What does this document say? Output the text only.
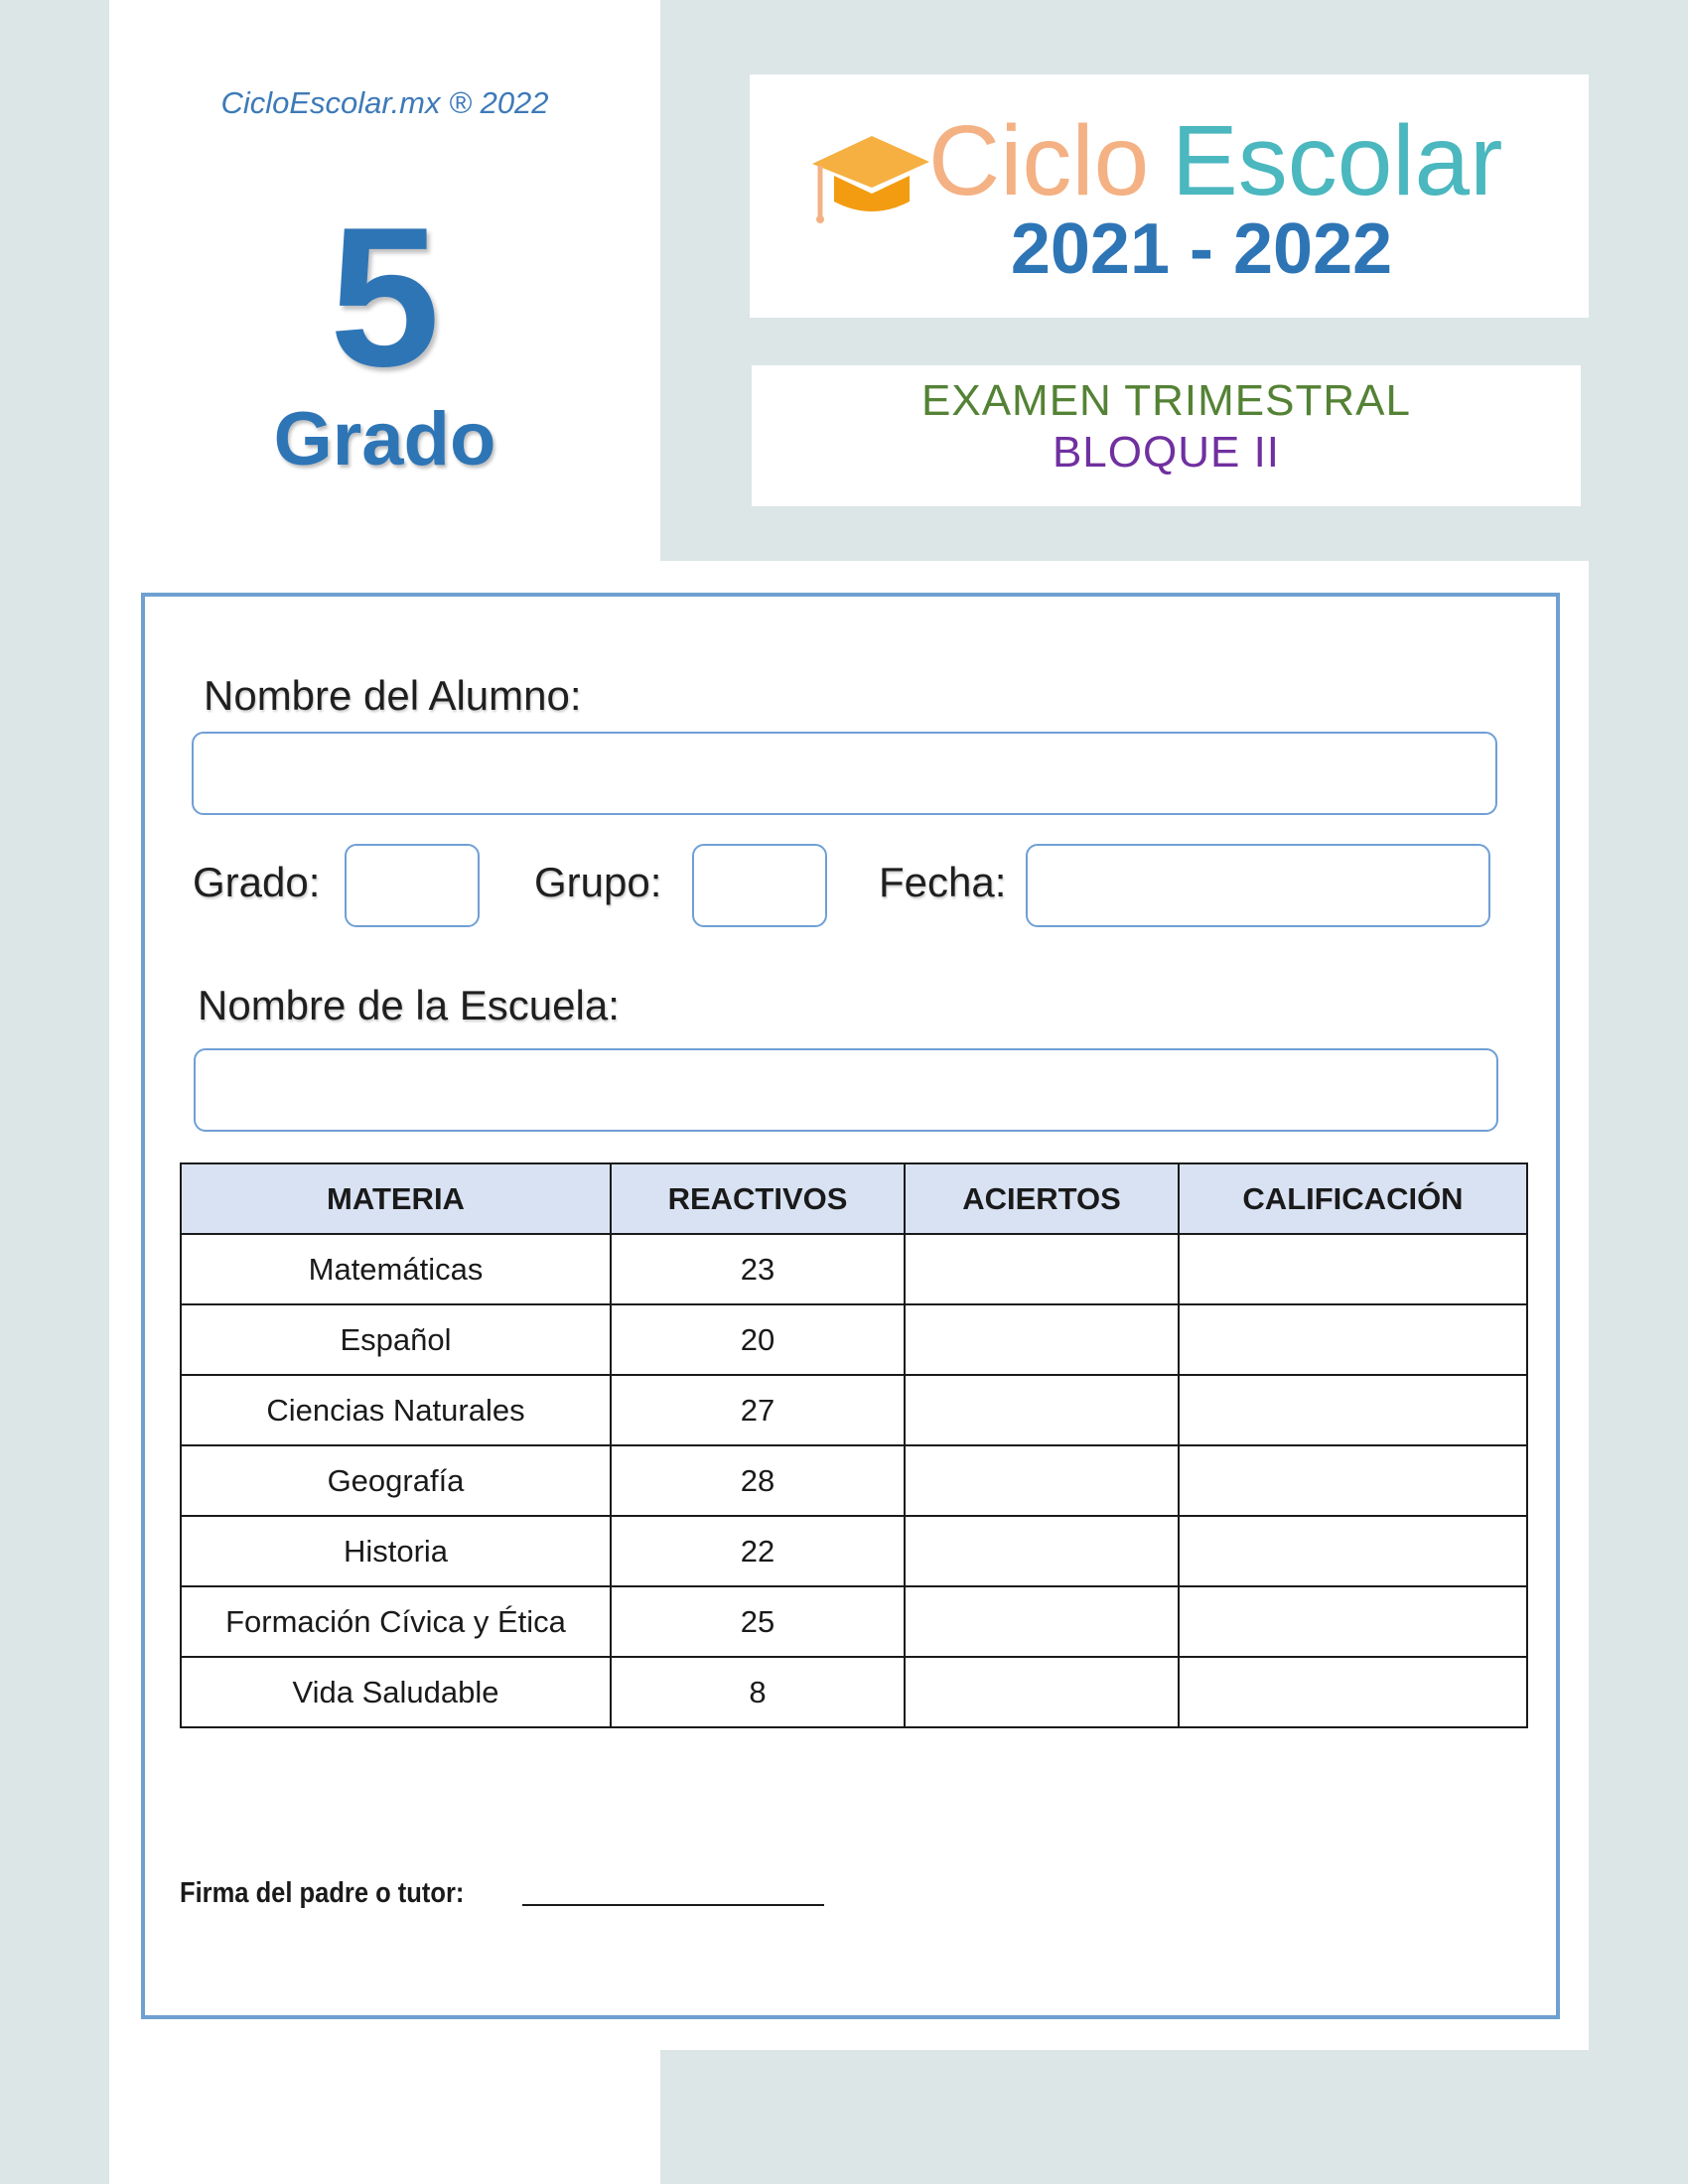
CicloEscolar.mx ® 2022
5
Grado
Ciclo Escolar
2021 - 2022
EXAMEN TRIMESTRAL
BLOQUE II
Nombre del Alumno:
Grado:	Grupo:	Fecha:
Nombre de la Escuela:
MATERIA	REACTIVOS	ACIERTOS	CALIFICACIÓN
Matemáticas	23		
Español	20		
Ciencias Naturales	27		
Geografía	28		
Historia	22		
Formación Cívica y Ética	25		
Vida Saludable	8		
Firma del padre o tutor:
